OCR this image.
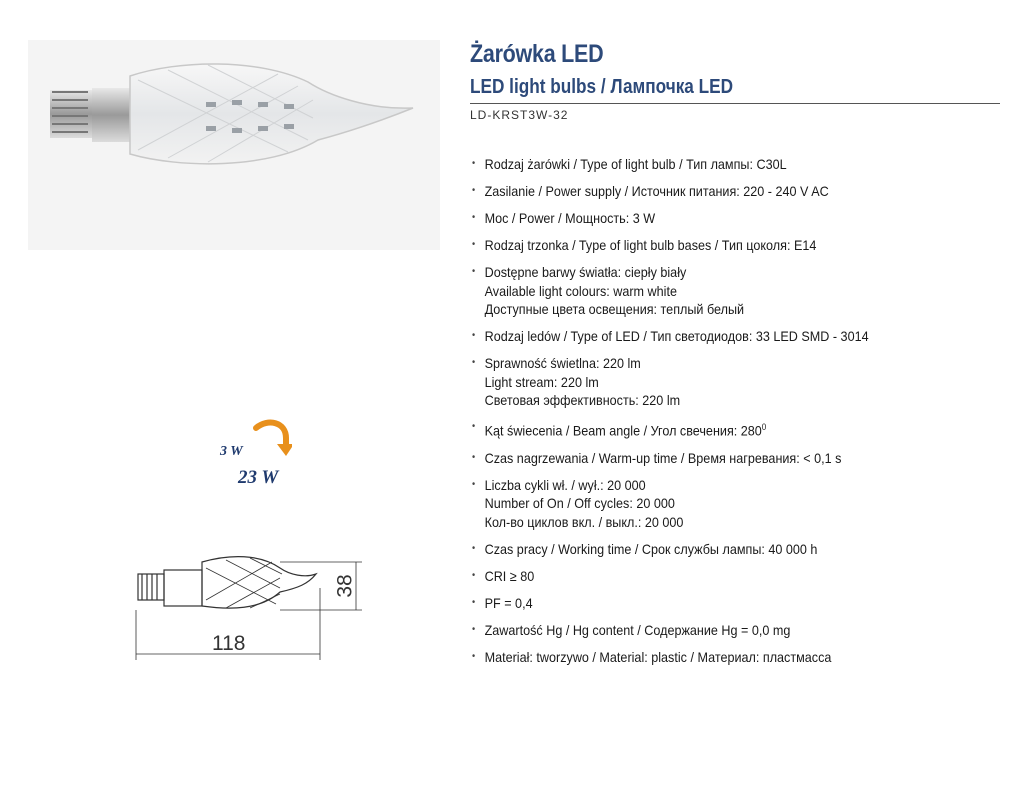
Żarówka LED
LED light bulbs / Лампочка LED
LD-KRST3W-32
• Rodzaj żarówki / Type of light bulb / Тип лампы: C30L
• Zasilanie / Power supply / Источник питания: 220 - 240 V AC
• Moc / Power / Мощность: 3 W
• Rodzaj trzonka / Type of light bulb bases / Тип цоколя: E14
• Dostępne barwy światła: ciepły biały
Available light colours: warm white
Доступные цвета освещения: теплый белый
• Rodzaj ledów / Type of LED / Тип светодиодов: 33 LED SMD - 3014
• Sprawność świetlna: 220 lm
Light stream: 220 lm
Световая эффективность: 220 lm
• Kąt świecenia / Beam angle / Угол свечения: $280^0$
• Czas nagrzewania / Warm-up time / Время нагревания: < 0,1 s
• Liczba cykli wł. / wył.: 20 000
Number of On / Off cycles: 20 000
Кол-во циклов вкл. / выкл.: 20 000
• Czas pracy / Working time / Срок службы лампы: 40 000 h
• CRI ≥ 80
• PF = 0,4
• Zawartość Hg / Hg content / Содержание Hg = 0,0 mg
• Materiał: tworzywo / Material: plastic / Материал: пластмасса
3 W
23 W
118
38
